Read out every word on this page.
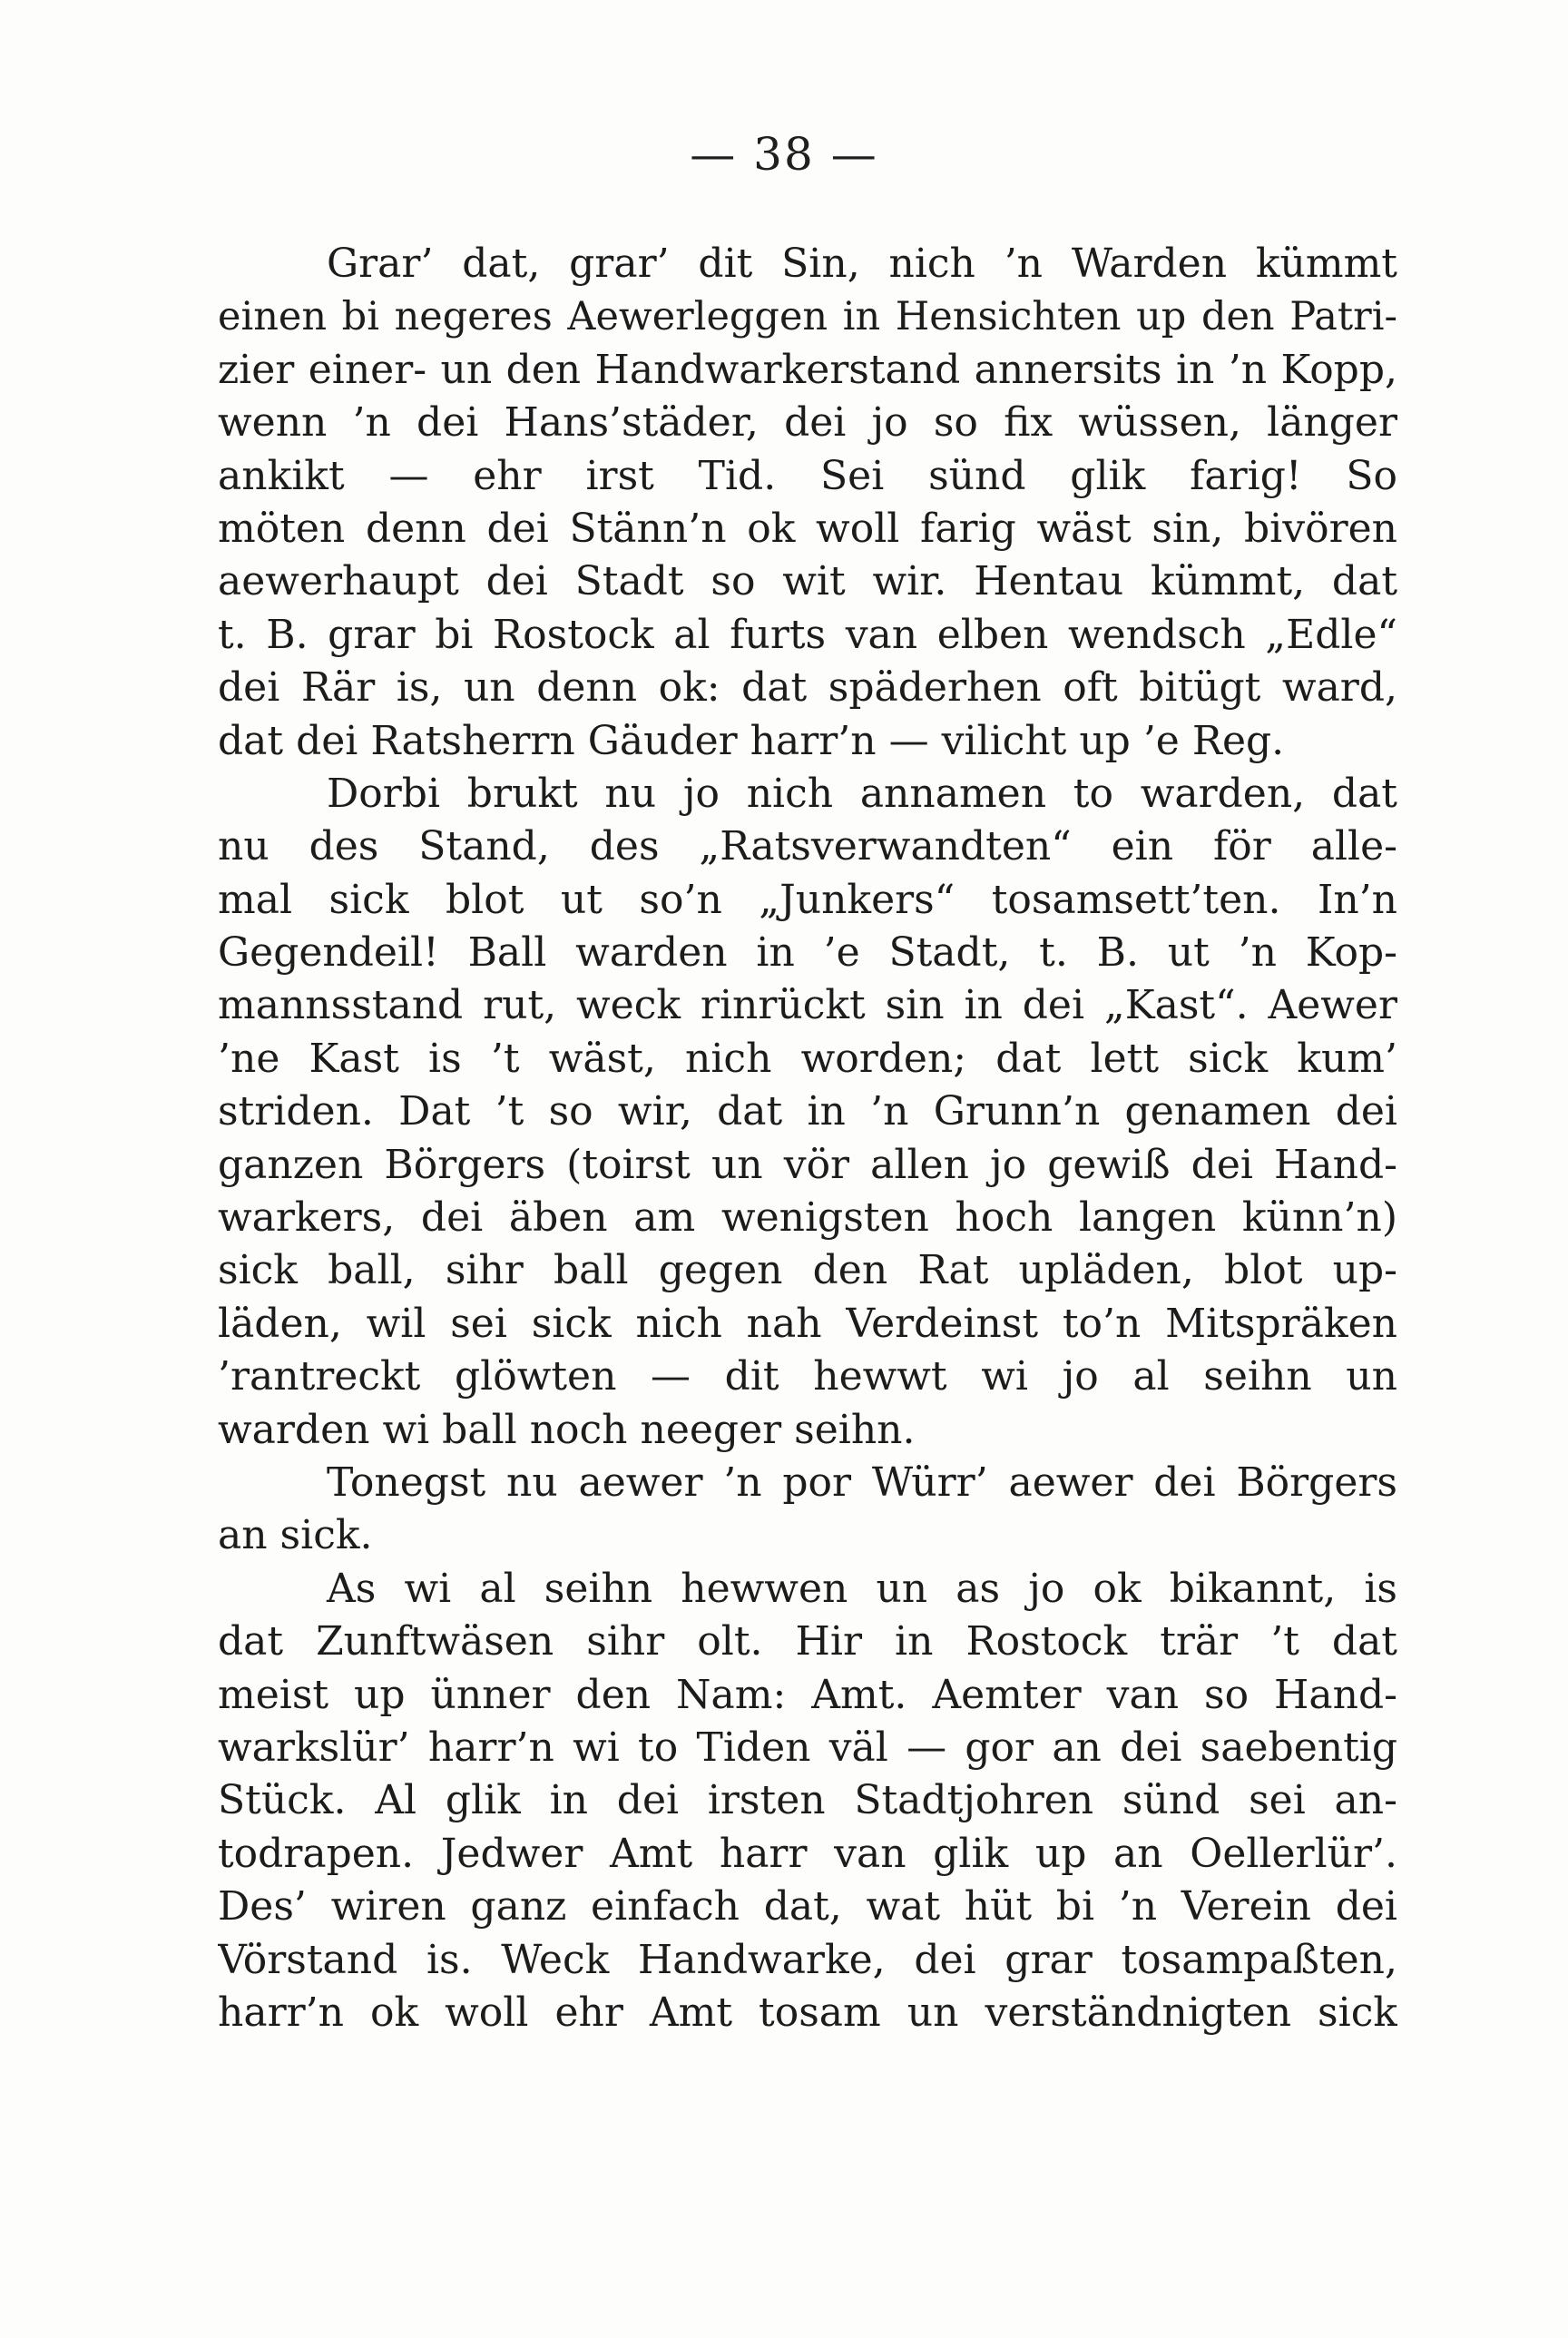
— 38 —
Grar’ dat, grar’ dit Sin, nich ’n Warden kümmt
einen bi negeres Aewerleggen in Hensichten up den Patri-
zier einer- un den Handwarkerstand annersits in ’n Kopp,
wenn ’n dei Hans’städer, dei jo so fix wüssen, länger
ankikt — ehr irst Tid. Sei sünd glik farig! So
möten denn dei Stänn’n ok woll farig wäst sin, bivören
aewerhaupt dei Stadt so wit wir. Hentau kümmt, dat
t. B. grar bi Rostock al furts van elben wendsch „Edle“
dei Rär is, un denn ok: dat späderhen oft bitügt ward,
dat dei Ratsherrn Gäuder harr’n — vilicht up ’e Reg.
Dorbi brukt nu jo nich annamen to warden, dat
nu des Stand, des „Ratsverwandten“ ein för alle-
mal sick blot ut so’n „Junkers“ tosamsett’ten. In’n
Gegendeil! Ball warden in ’e Stadt, t. B. ut ’n Kop-
mannsstand rut, weck rinrückt sin in dei „Kast“. Aewer
’ne Kast is ’t wäst, nich worden; dat lett sick kum’
striden. Dat ’t so wir, dat in ’n Grunn’n genamen dei
ganzen Börgers (toirst un vör allen jo gewiß dei Hand-
warkers, dei äben am wenigsten hoch langen künn’n)
sick ball, sihr ball gegen den Rat upläden, blot up-
läden, wil sei sick nich nah Verdeinst to’n Mitspräken
’rantreckt glöwten — dit hewwt wi jo al seihn un
warden wi ball noch neeger seihn.
Tonegst nu aewer ’n por Würr’ aewer dei Börgers
an sick.
As wi al seihn hewwen un as jo ok bikannt, is
dat Zunftwäsen sihr olt. Hir in Rostock trär ’t dat
meist up ünner den Nam: Amt. Aemter van so Hand-
warkslür’ harr’n wi to Tiden väl — gor an dei saebentig
Stück. Al glik in dei irsten Stadtjohren sünd sei an-
todrapen. Jedwer Amt harr van glik up an Oellerlür’.
Des’ wiren ganz einfach dat, wat hüt bi ’n Verein dei
Vörstand is. Weck Handwarke, dei grar tosampaßten,
harr’n ok woll ehr Amt tosam un verständnigten sick
